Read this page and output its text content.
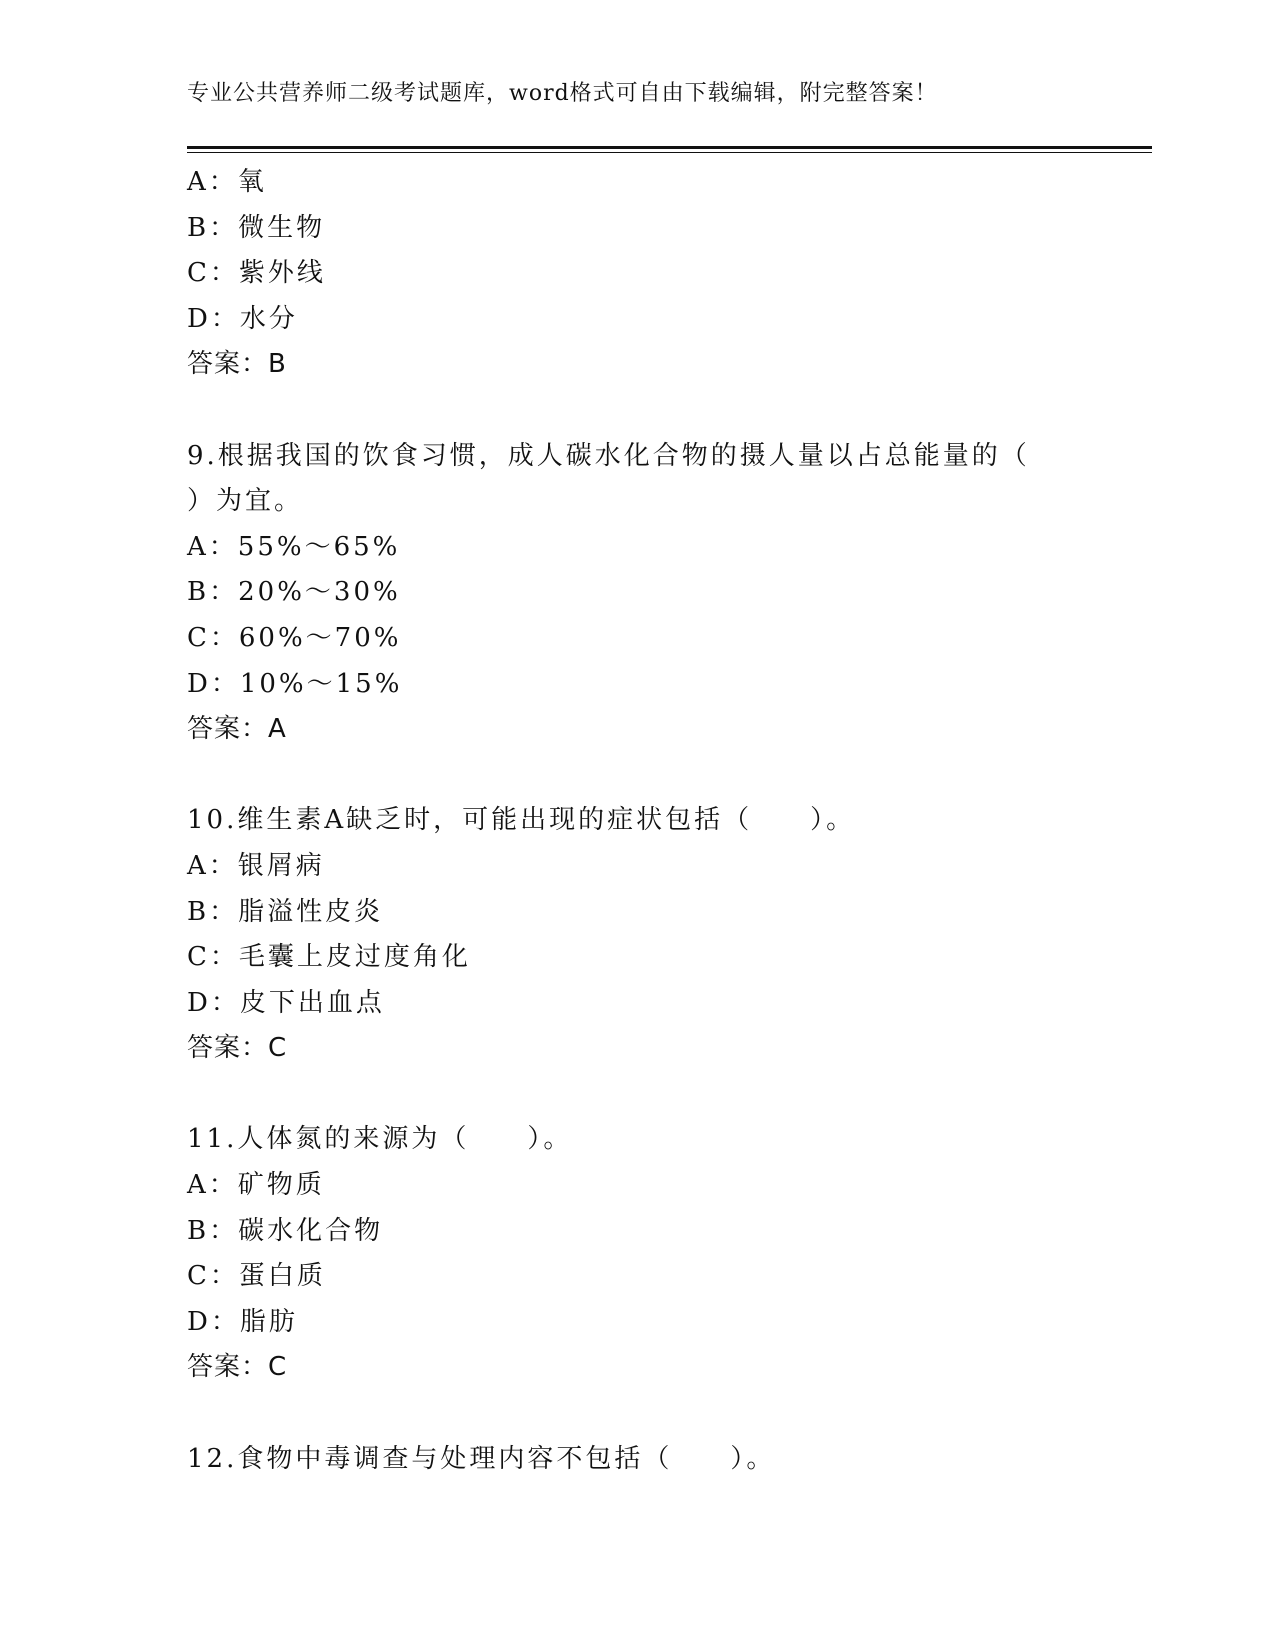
专业公共营养师二级考试题库，word格式可自由下载编辑，附完整答案！
A：氧
B：微生物
C：紫外线
D：水分
答案：B
9.根据我国的饮食习惯，成人碳水化合物的摄人量以占总能量的（
）为宜。
A：55%～65%
B：20%～30%
C：60%～70%
D：10%～15%
答案：A
10.维生素A缺乏时，可能出现的症状包括（　　）。
A：银屑病
B：脂溢性皮炎
C：毛囊上皮过度角化
D：皮下出血点
答案：C
11.人体氮的来源为（　　）。
A：矿物质
B：碳水化合物
C：蛋白质
D：脂肪
答案：C
12.食物中毒调查与处理内容不包括（　　）。
